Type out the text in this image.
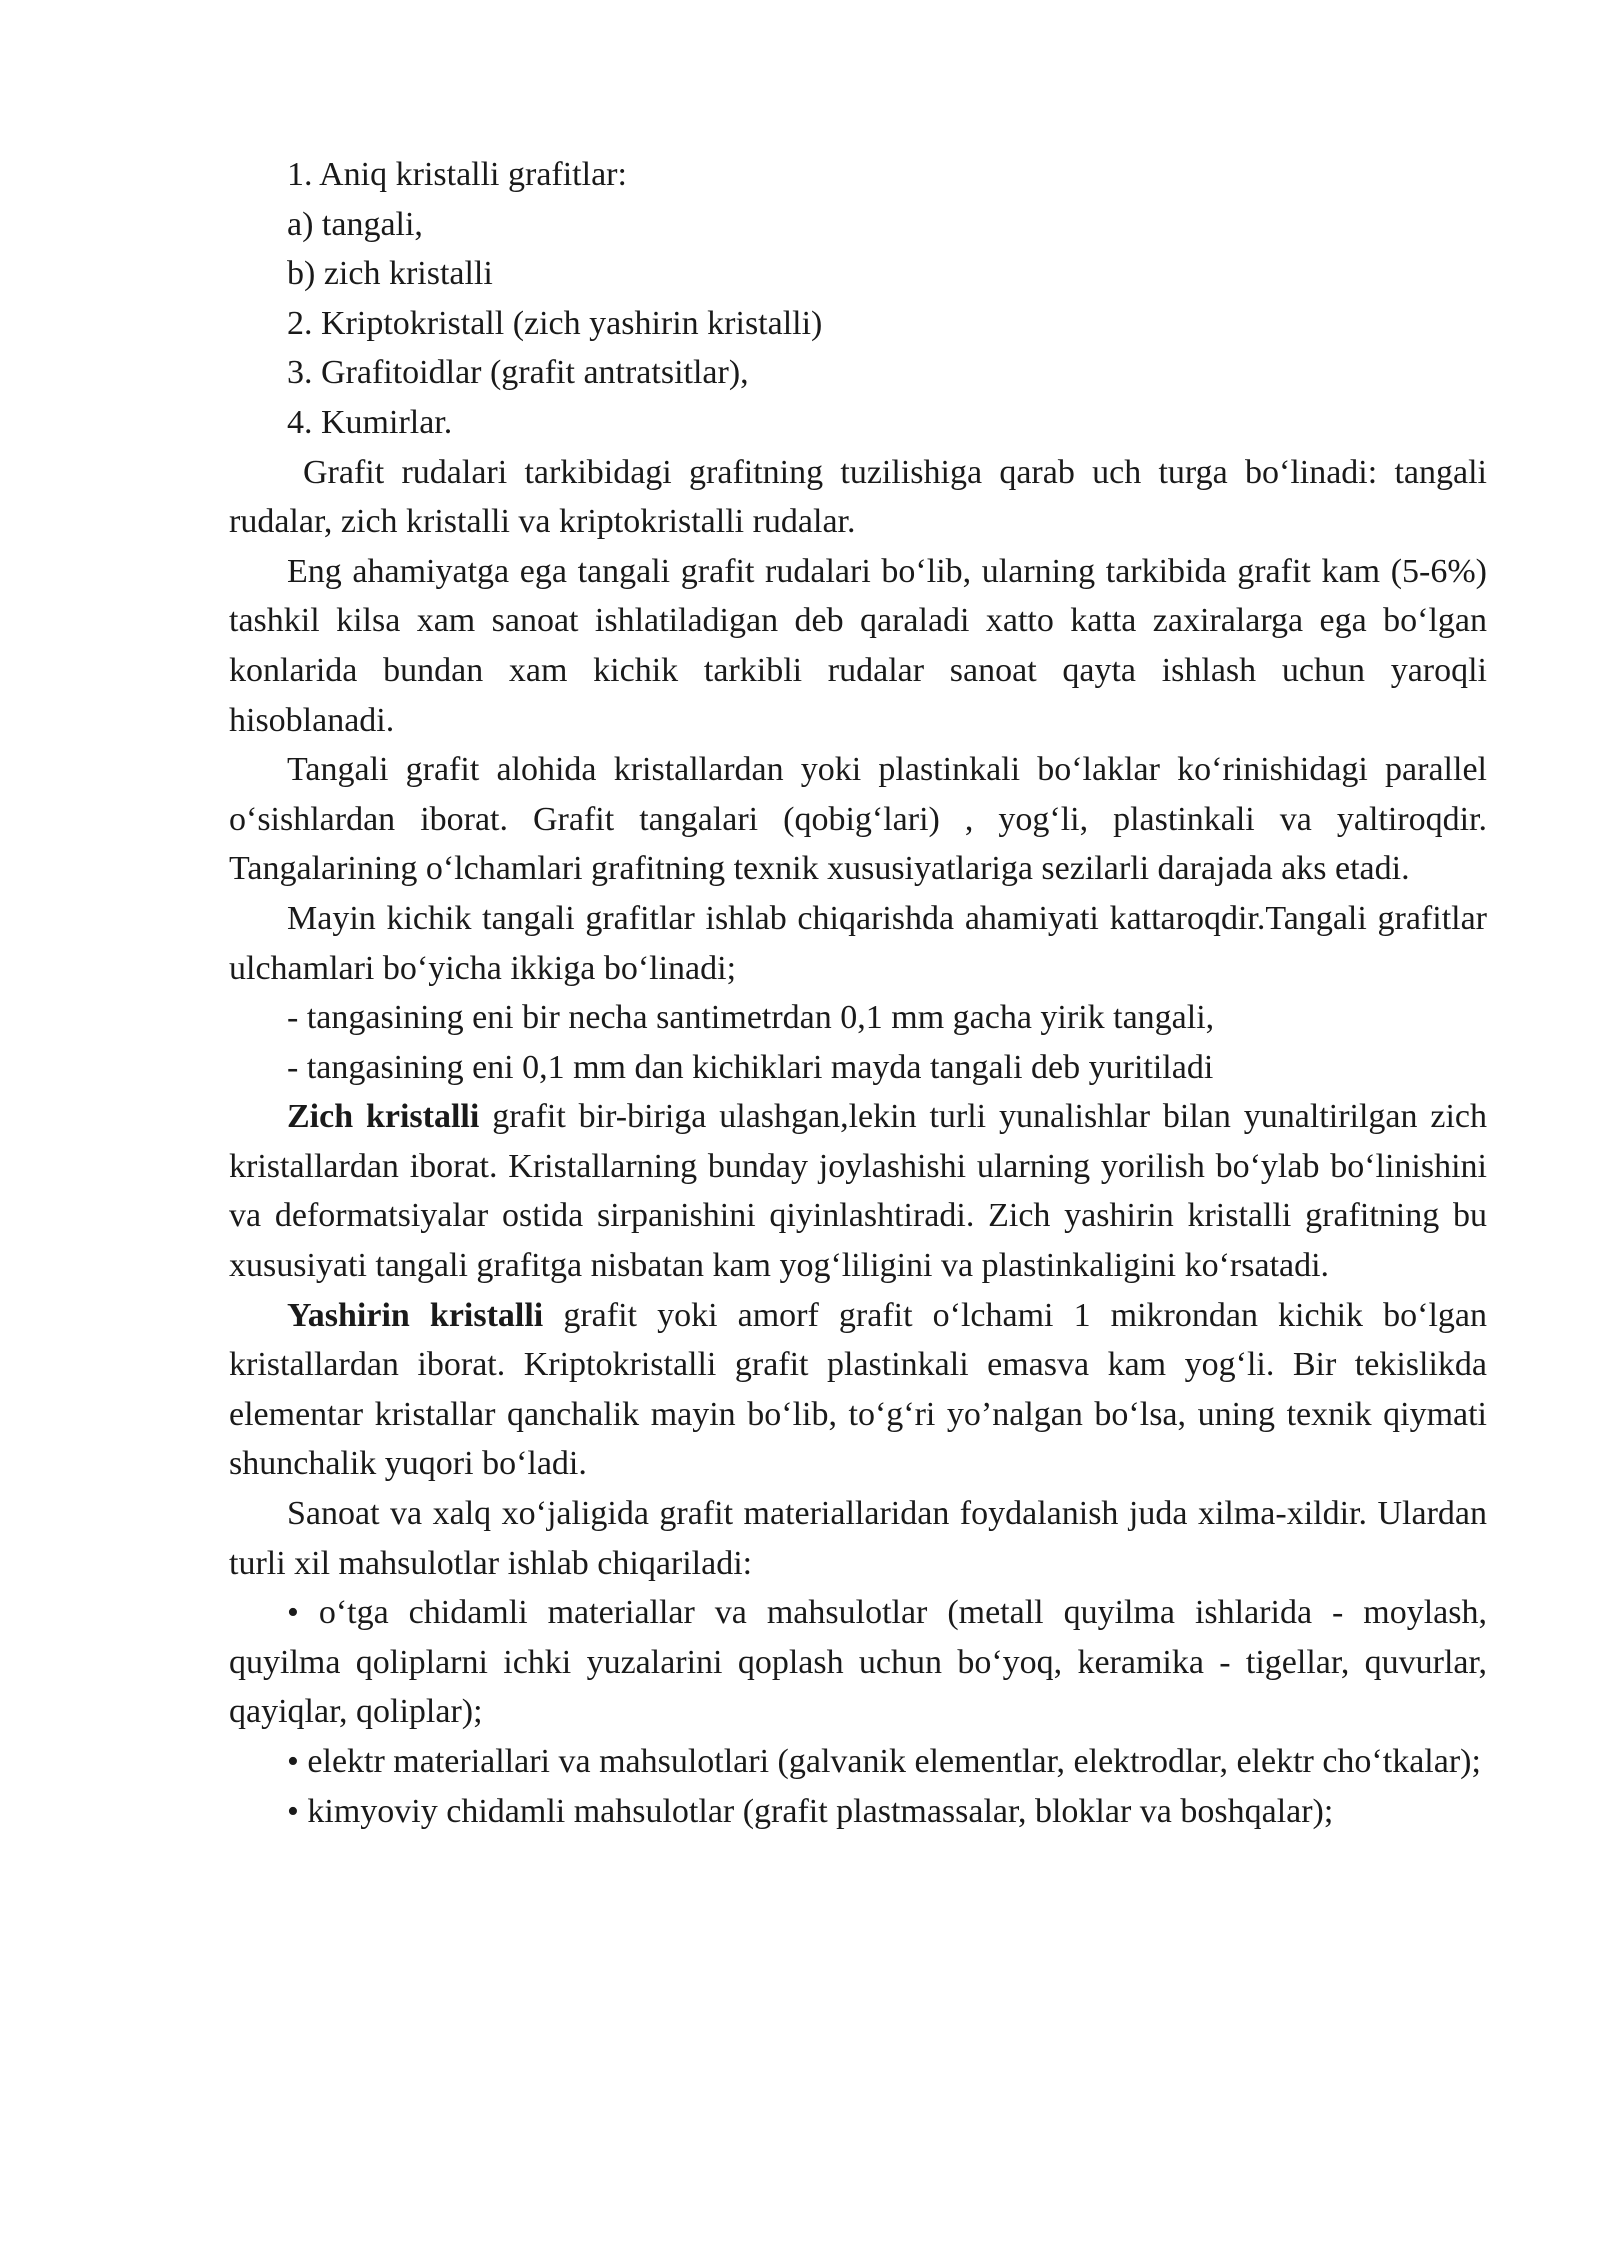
1. Aniq kristalli grafitlar:

a) tangali,

b) zich kristalli

2. Kriptokristall (zich yashirin kristalli)

3. Grafitoidlar (grafit antratsitlar),

4. Kumirlar.

Grafit rudalari tarkibidagi grafitning tuzilishiga qarab uch turga bo‘linadi: tangali rudalar, zich kristalli va kriptokristalli rudalar.

Eng ahamiyatga ega tangali grafit rudalari bo‘lib, ularning tarkibida grafit kam (5-6%) tashkil kilsa xam sanoat ishlatiladigan deb qaraladi xatto katta zaxiralarga ega bo‘lgan konlarida bundan xam kichik tarkibli rudalar sanoat qayta ishlash uchun yaroqli hisoblanadi.

Tangali grafit alohida kristallardan yoki plastinkali bo‘laklar ko‘rinishidagi parallel o‘sishlardan iborat. Grafit tangalari (qobig‘lari) , yog‘li, plastinkali va yaltiroqdir. Tangalarining o‘lchamlari grafitning texnik xususiyatlariga sezilarli darajada aks etadi.

Mayin kichik tangali grafitlar ishlab chiqarishda ahamiyati kattaroqdir.Tangali grafitlar ulchamlari bo‘yicha ikkiga bo‘linadi;

- tangasining eni bir necha santimetrdan 0,1 mm gacha yirik tangali,

- tangasining eni 0,1 mm dan kichiklari mayda tangali deb yuritiladi

Zich kristalli grafit bir-biriga ulashgan,lekin turli yunalishlar bilan yunaltirilgan zich kristallardan iborat. Kristallarning bunday joylashishi ularning yorilish bo‘ylab bo‘linishini va deformatsiyalar ostida sirpanishini qiyinlashtiradi. Zich yashirin kristalli grafitning bu xususiyati tangali grafitga nisbatan kam yog‘liligini va plastinkaligini ko‘rsatadi.

Yashirin kristalli grafit yoki amorf grafit o‘lchami 1 mikrondan kichik bo‘lgan kristallardan iborat. Kriptokristalli grafit plastinkali emasva kam yog‘li. Bir tekislikda elementar kristallar qanchalik mayin bo‘lib, to‘g‘ri yo’nalgan bo‘lsa, uning texnik qiymati shunchalik yuqori bo‘ladi.

Sanoat va xalq xo‘jaligida grafit materiallaridan foydalanish juda xilma-xildir. Ulardan turli xil mahsulotlar ishlab chiqariladi:

• o‘tga chidamli materiallar va mahsulotlar (metall quyilma ishlarida - moylash, quyilma qoliplarni ichki yuzalarini qoplash uchun bo‘yoq, keramika - tigellar, quvurlar, qayiqlar, qoliplar);

• elektr materiallari va mahsulotlari (galvanik elementlar, elektrodlar, elektr cho‘tkalar);

• kimyoviy chidamli mahsulotlar (grafit plastmassalar, bloklar va boshqalar);
